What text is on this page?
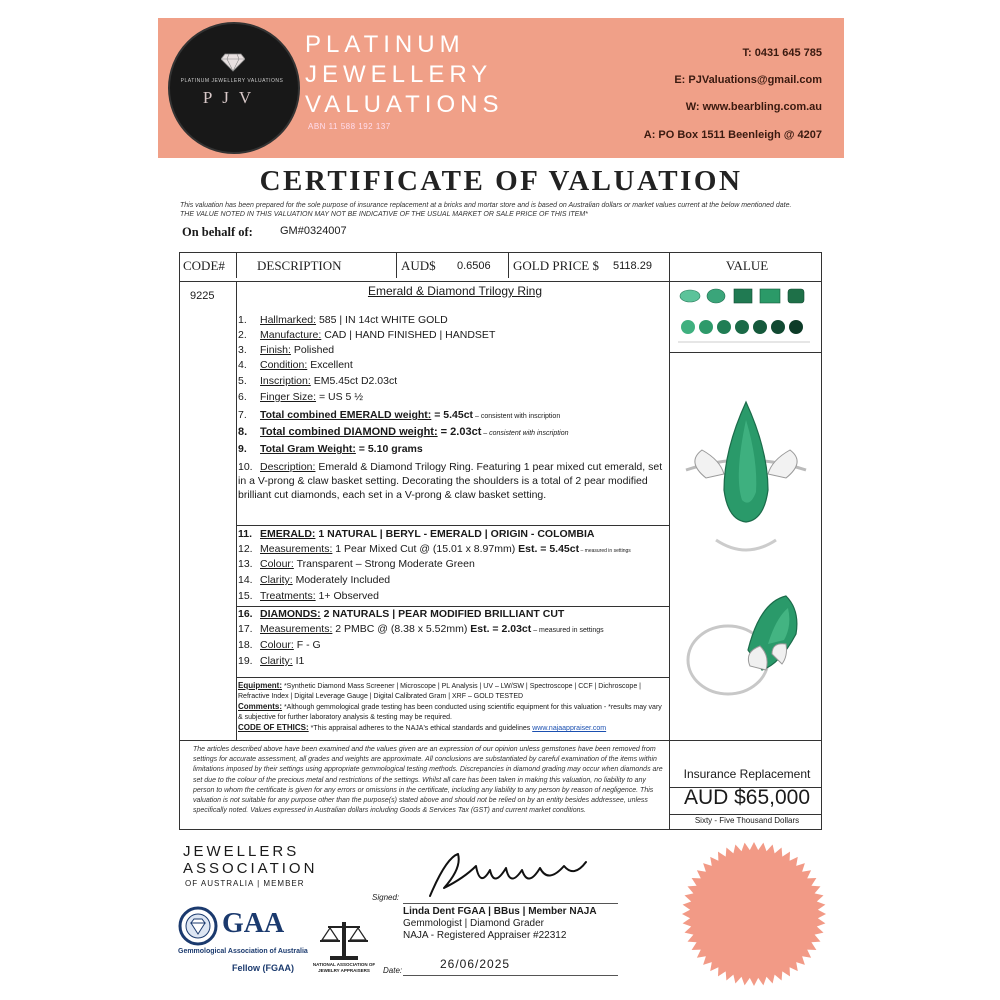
PLATINUM JEWELLERY VALUATIONS
PJV
PLATINUM
JEWELLERY
VALUATIONS
ABN 11 588 192 137
T: 0431 645 785
E: PJValuations@gmail.com
W: www.bearbling.com.au
A: PO Box 1511 Beenleigh @ 4207
CERTIFICATE OF VALUATION
This valuation has been prepared for the sole purpose of insurance replacement at a bricks and mortar store and is based on Australian dollars or market values current at the below mentioned date.
THE VALUE NOTED IN THIS VALUATION MAY NOT BE INDICATIVE OF THE USUAL MARKET OR SALE PRICE OF THIS ITEM*
On behalf of: GM#0324007
CODE# DESCRIPTION	AUD$ 0.6506 GOLD PRICE $ 5118.29	VALUE
9225	Emerald & Diamond Trilogy Ring
1. Hallmarked: 585 | IN 14ct WHITE GOLD
2. Manufacture: CAD | HAND FINISHED | HANDSET
3. Finish: Polished
4. Condition: Excellent
5. Inscription: EM5.45ct D2.03ct
6. Finger Size: = US 5 ½
7. Total combined EMERALD weight: = 5.45ct – consistent with inscription
8. Total combined DIAMOND weight: = 2.03ct – consistent with inscription
9. Total Gram Weight: = 5.10 grams
10. Description: Emerald & Diamond Trilogy Ring. Featuring 1 pear mixed cut emerald, set in a V-prong & claw basket setting. Decorating the shoulders is a total of 2 pear modified brilliant cut diamonds, each set in a V-prong & claw basket setting.
11. EMERALD: 1 NATURAL | BERYL - EMERALD | ORIGIN - COLOMBIA
12. Measurements: 1 Pear Mixed Cut @ (15.01 x 8.97mm) Est. = 5.45ct – measured in settings
13. Colour: Transparent – Strong Moderate Green
14. Clarity: Moderately Included
15. Treatments: 1+ Observed
16. DIAMONDS: 2 NATURALS | PEAR MODIFIED BRILLIANT CUT
17. Measurements: 2 PMBC @ (8.38 x 5.52mm) Est. = 2.03ct – measured in settings
18. Colour: F - G
19. Clarity: I1
Equipment: *Synthetic Diamond Mass Screener | Microscope | PL Analysis | UV – LW/SW | Spectroscope | CCF | Dichroscope | Refractive Index | Digital Leverage Gauge | Digital Calibrated Gram | XRF – GOLD TESTED
Comments: *Although gemmological grade testing has been conducted using scientific equipment for this valuation - *results may vary & subjective for further laboratory analysis & testing may be required.
CODE OF ETHICS: *This appraisal adheres to the NAJA's ethical standards and guidelines www.najaappraiser.com
The articles described above have been examined and the values given are an expression of our opinion unless gemstones have been removed from settings for accurate assessment, all grades and weights are approximate. All conclusions are substantiated by careful examination of the items within limitations imposed by their settings using appropriate gemmological testing methods. Discrepancies in diamond grading may occur when diamonds are set due to the colour of the precious metal and restrictions of the settings. Whilst all care has been taken in making this valuation, no liability to any person to whom the certificate is given for any errors or omissions in the certificate, including any liability to any person by reason of negligence. This valuation is not suitable for any purpose other than the purpose(s) stated above and should not be relied on by an entity besides addressee, unless specifically noted. Values expressed in Australian dollars including Goods & Services Tax (GST) and current market conditions.
Insurance Replacement
AUD $65,000
Sixty - Five Thousand Dollars
JEWELLERS
ASSOCIATION
OF AUSTRALIA | MEMBER
GAA
Gemmological Association of Australia
Fellow (FGAA)	NATIONAL ASSOCIATION OF JEWELRY APPRAISERS
Signed:
Linda Dent FGAA | BBus | Member NAJA
Gemmologist | Diamond Grader
NAJA - Registered Appraiser #22312
Date:	26/06/2025
